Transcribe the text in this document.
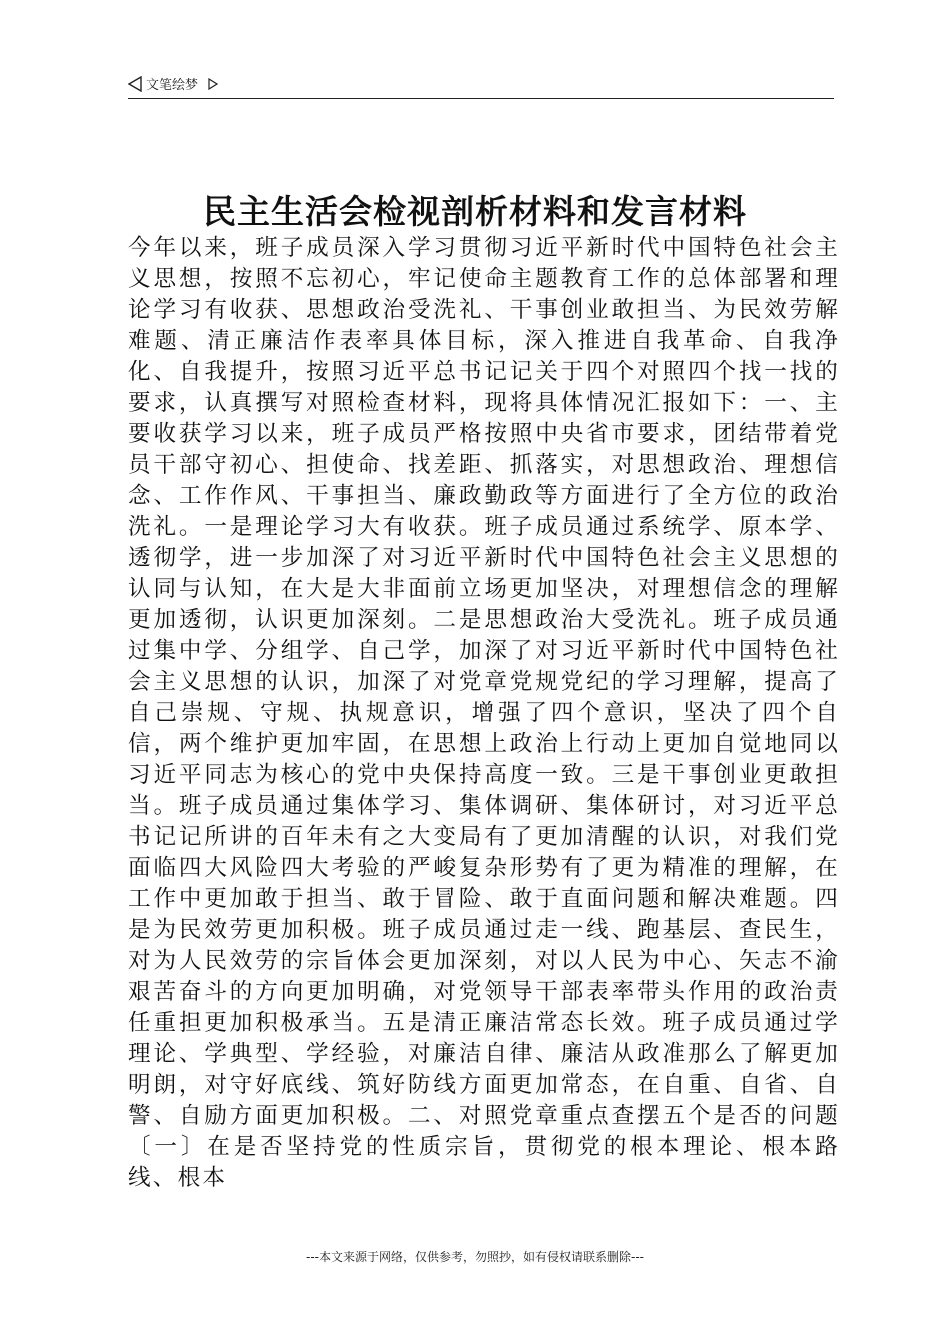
文笔绘梦
民主生活会检视剖析材料和发言材料

今年以来，班子成员深入学习贯彻习近平新时代中国特色社会主义思想，按照不忘初心，牢记使命主题教育工作的总体部署和理论学习有收获、思想政治受洗礼、干事创业敢担当、为民效劳解难题、清正廉洁作表率具体目标，深入推进自我革命、自我净化、自我提升，按照习近平总书记记关于四个对照四个找一找的要求，认真撰写对照检查材料，现将具体情况汇报如下：一、主要收获学习以来，班子成员严格按照中央省市要求，团结带着党员干部守初心、担使命、找差距、抓落实，对思想政治、理想信念、工作作风、干事担当、廉政勤政等方面进行了全方位的政治洗礼。一是理论学习大有收获。班子成员通过系统学、原本学、透彻学，进一步加深了对习近平新时代中国特色社会主义思想的认同与认知，在大是大非面前立场更加坚决，对理想信念的理解更加透彻，认识更加深刻。二是思想政治大受洗礼。班子成员通过集中学、分组学、自己学，加深了对习近平新时代中国特色社会主义思想的认识，加深了对党章党规党纪的学习理解，提高了自己崇规、守规、执规意识，增强了四个意识，坚决了四个自信，两个维护更加牢固，在思想上政治上行动上更加自觉地同以习近平同志为核心的党中央保持高度一致。三是干事创业更敢担当。班子成员通过集体学习、集体调研、集体研讨，对习近平总书记记所讲的百年未有之大变局有了更加清醒的认识，对我们党面临四大风险四大考验的严峻复杂形势有了更为精准的理解，在工作中更加敢于担当、敢于冒险、敢于直面问题和解决难题。四是为民效劳更加积极。班子成员通过走一线、跑基层、查民生，对为人民效劳的宗旨体会更加深刻，对以人民为中心、矢志不渝艰苦奋斗的方向更加明确，对党领导干部表率带头作用的政治责任重担更加积极承当。五是清正廉洁常态长效。班子成员通过学理论、学典型、学经验，对廉洁自律、廉洁从政准那么了解更加明朗，对守好底线、筑好防线方面更加常态，在自重、自省、自警、自励方面更加积极。二、对照党章重点查摆五个是否的问题〔一〕在是否坚持党的性质宗旨，贯彻党的根本理论、根本路线、根本

---本文来源于网络，仅供参考，勿照抄，如有侵权请联系删除---
